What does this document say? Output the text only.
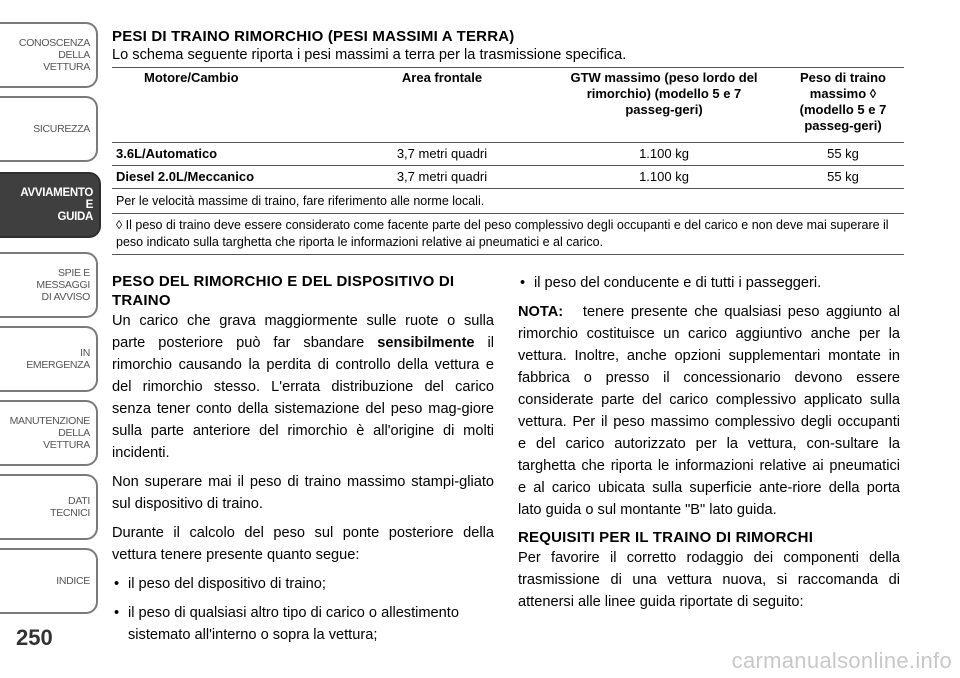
CONOSCENZA
DELLA
VETTURA
SICUREZZA
AVVIAMENTO
E
GUIDA
SPIE E
MESSAGGI
DI AVVISO
IN
EMERGENZA
MANUTENZIONE
DELLA
VETTURA
DATI
TECNICI
INDICE
250
carmanualsonline.info
PESI DI TRAINO RIMORCHIO (PESI MASSIMI A TERRA)
Lo schema seguente riporta i pesi massimi a terra per la trasmissione specifica.
Motore/Cambio	Area frontale	GTW massimo (peso lordo del rimorchio) (modello 5 e 7 passeg-geri)	Peso di traino massimo ◊ (modello 5 e 7 passeg-geri)
3.6L/Automatico	3,7 metri quadri	1.100 kg	55 kg
Diesel 2.0L/Meccanico	3,7 metri quadri	1.100 kg	55 kg
Per le velocità massime di traino, fare riferimento alle norme locali.			
◊ Il peso di traino deve essere considerato come facente parte del peso complessivo degli occupanti e del carico e non deve mai superare il peso indicato sulla targhetta che riporta le informazioni relative ai pneumatici e al carico.			
PESO DEL RIMORCHIO E DEL DISPOSITIVO DI TRAINO
Un carico che grava maggiormente sulle ruote o sulla parte posteriore può far sbandare sensibilmente il rimorchio causando la perdita di controllo della vettura e del rimorchio stesso. L'errata distribuzione del carico senza tener conto della sistemazione del peso mag-giore sulla parte anteriore del rimorchio è all'origine di molti incidenti.
Non superare mai il peso di traino massimo stampi-gliato sul dispositivo di traino.
Durante il calcolo del peso sul ponte posteriore della vettura tenere presente quanto segue:
• il peso del dispositivo di traino;
• il peso di qualsiasi altro tipo di carico o allestimento sistemato all'interno o sopra la vettura;
• il peso del conducente e di tutti i passeggeri.
NOTA: tenere presente che qualsiasi peso aggiunto al rimorchio costituisce un carico aggiuntivo anche per la vettura. Inoltre, anche opzioni supplementari montate in fabbrica o presso il concessionario devono essere considerate parte del carico complessivo applicato sulla vettura. Per il peso massimo complessivo degli occupanti e del carico autorizzato per la vettura, con-sultare la targhetta che riporta le informazioni relative ai pneumatici e al carico ubicata sulla superficie ante-riore della porta lato guida o sul montante "B" lato guida.
REQUISITI PER IL TRAINO DI RIMORCHI
Per favorire il corretto rodaggio dei componenti della trasmissione di una vettura nuova, si raccomanda di attenersi alle linee guida riportate di seguito:
